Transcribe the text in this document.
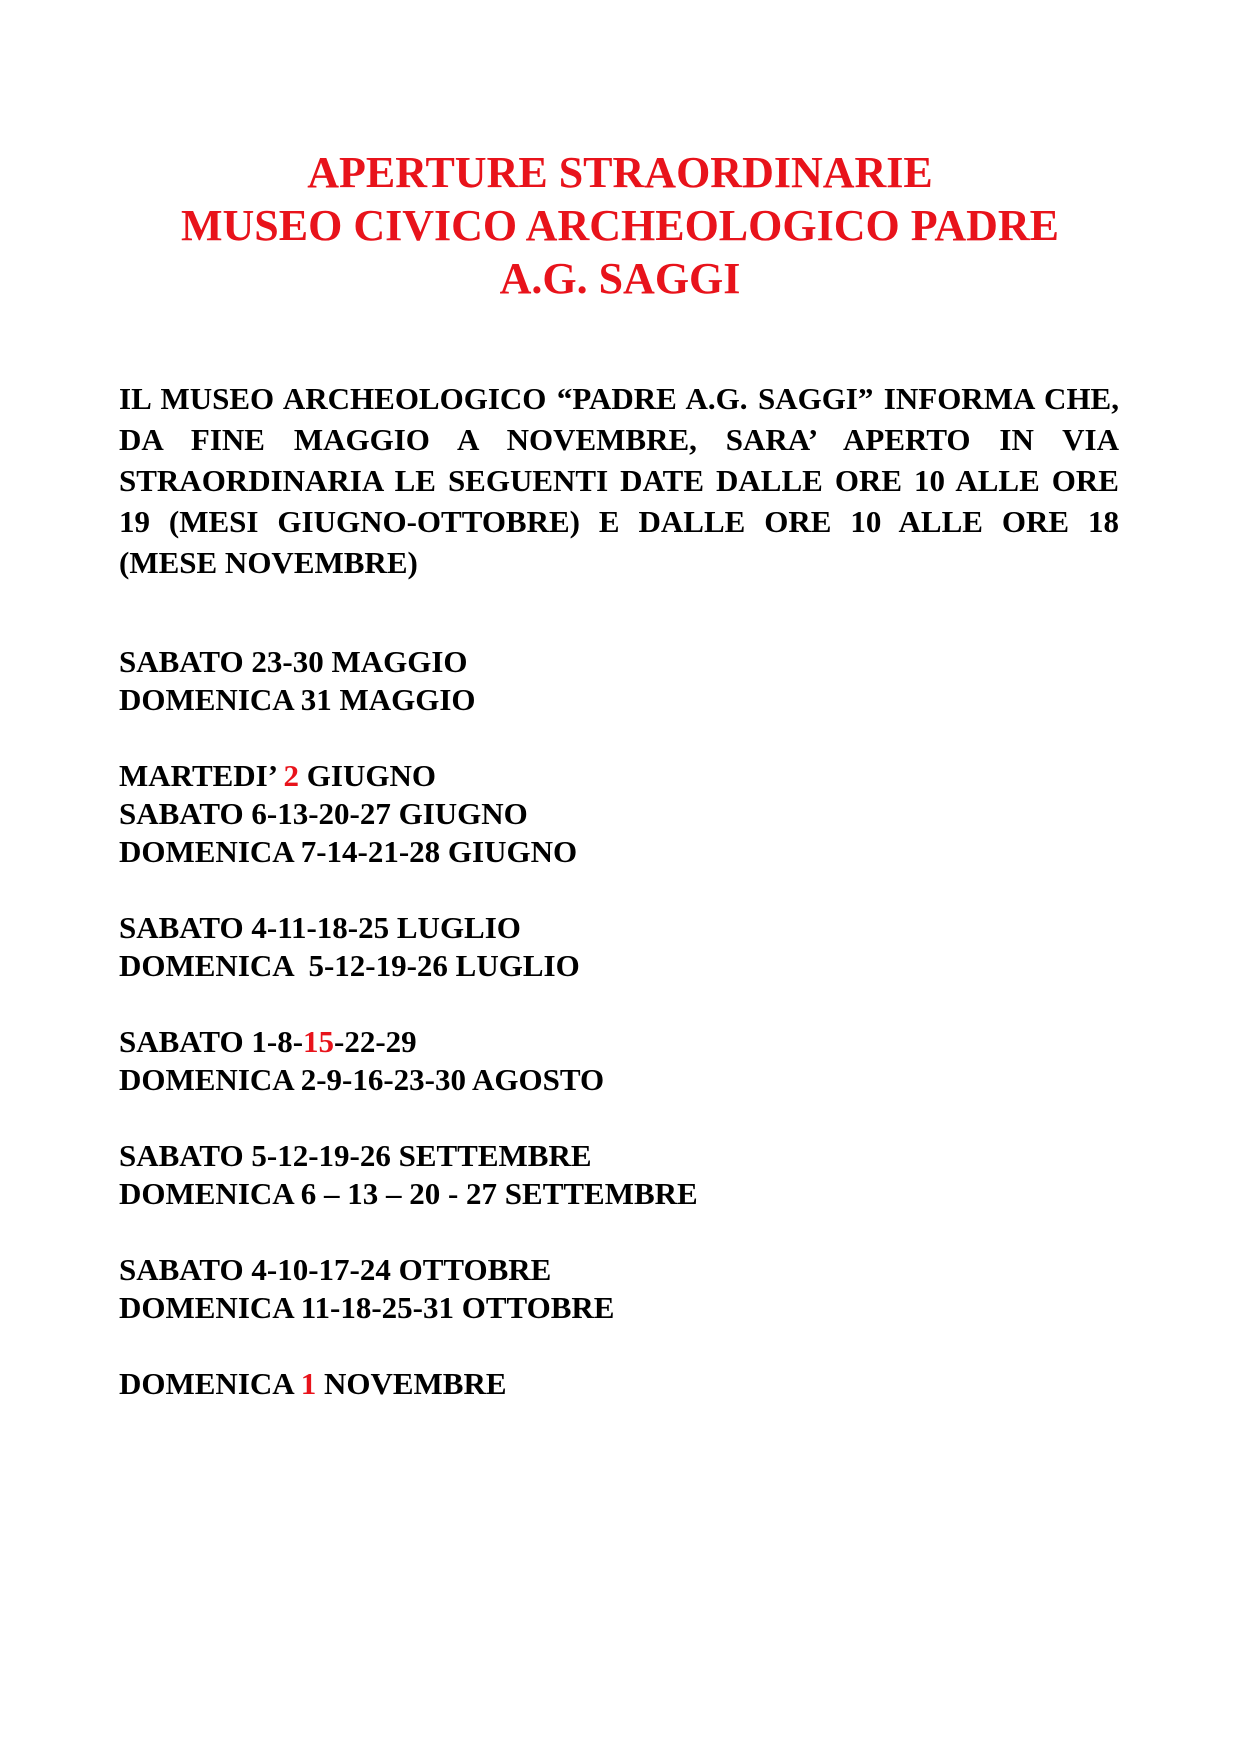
APERTURE STRAORDINARIE
MUSEO CIVICO ARCHEOLOGICO PADRE
A.G. SAGGI
IL MUSEO ARCHEOLOGICO “PADRE A.G. SAGGI” INFORMA CHE, DA FINE MAGGIO A NOVEMBRE, SARA’ APERTO IN VIA STRAORDINARIA LE SEGUENTI DATE DALLE ORE 10 ALLE ORE 19 (MESI GIUGNO-OTTOBRE) E DALLE ORE 10 ALLE ORE 18 (MESE NOVEMBRE)
SABATO 23-30 MAGGIO
DOMENICA 31 MAGGIO
MARTEDI’ 2 GIUGNO
SABATO 6-13-20-27 GIUGNO
DOMENICA 7-14-21-28 GIUGNO
SABATO 4-11-18-25 LUGLIO
DOMENICA  5-12-19-26 LUGLIO
SABATO 1-8-15-22-29
DOMENICA 2-9-16-23-30 AGOSTO
SABATO 5-12-19-26 SETTEMBRE
DOMENICA 6 – 13 – 20 - 27 SETTEMBRE
SABATO 4-10-17-24 OTTOBRE
DOMENICA 11-18-25-31 OTTOBRE
DOMENICA 1 NOVEMBRE
